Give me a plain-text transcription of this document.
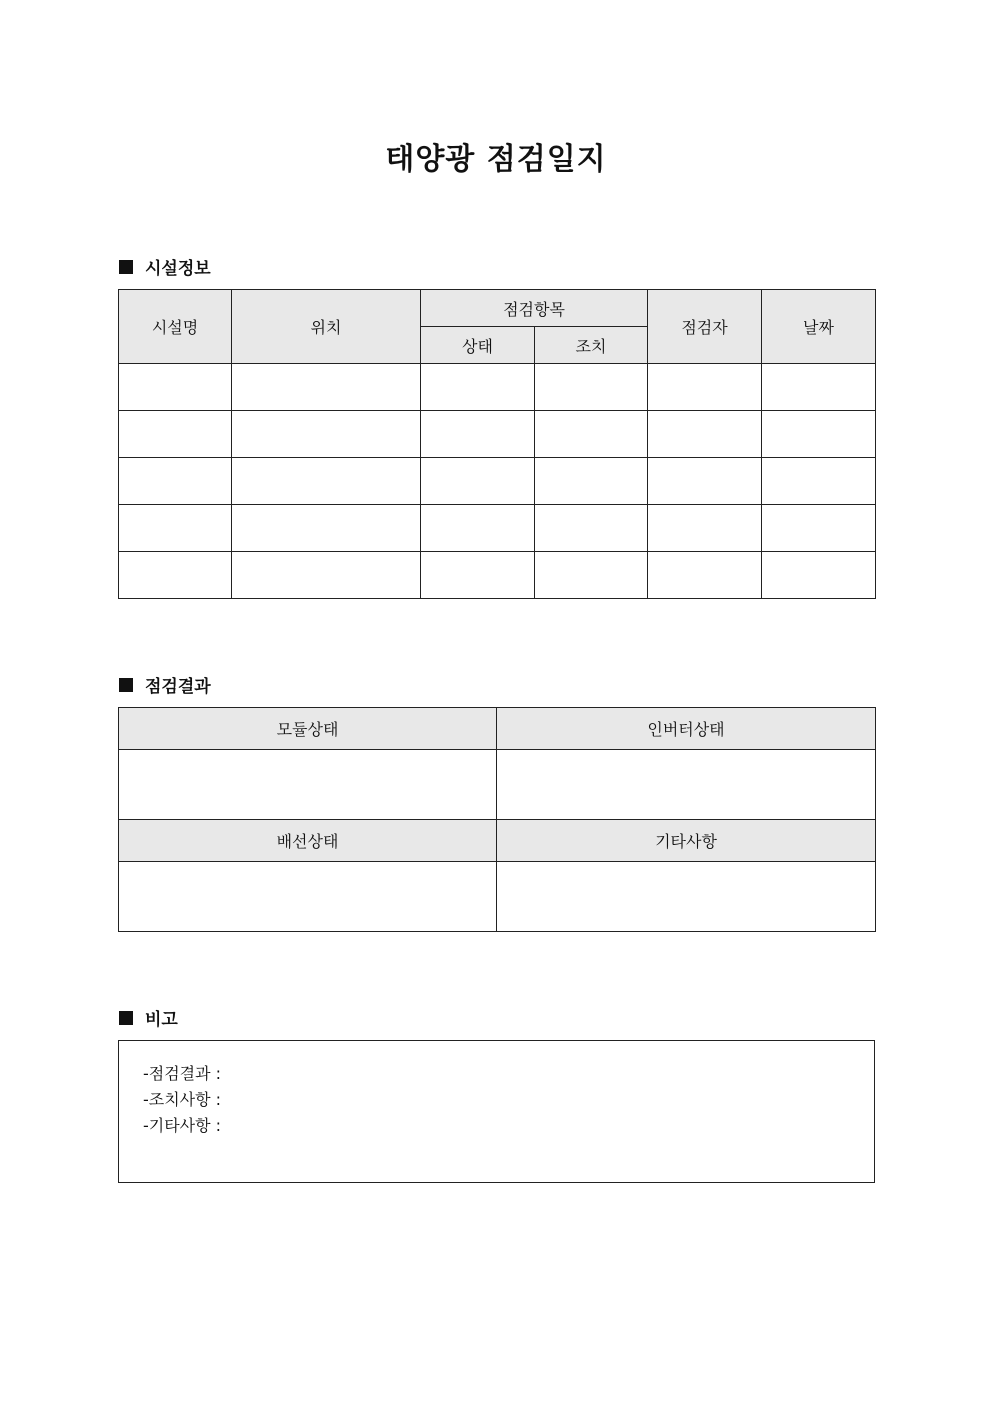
태양광 점검일지
시설정보
시설명	위치	점검항목		점검자	날짜
		상태	조치		

점검결과
모듈상태	인버터상태

배선상태	기타사항

비고
-점검결과 :
-조치사항 :
-기타사항 :
